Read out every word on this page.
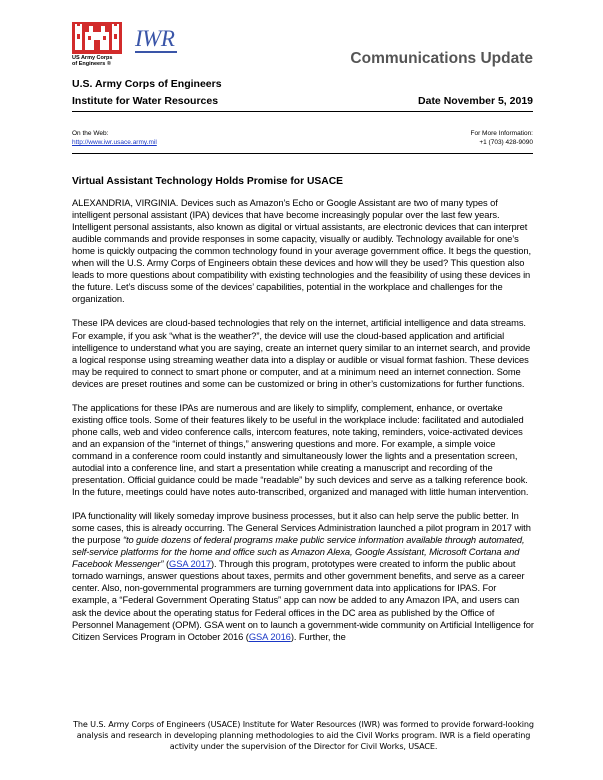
US Army Corps
of Engineers ®
IWR
Communications Update
U.S. Army Corps of Engineers
Institute for Water Resources	Date November 5, 2019
On the Web:
http://www.iwr.usace.army.mil
For More Information:
+1 (703) 428-9090
Virtual Assistant Technology Holds Promise for USACE

ALEXANDRIA, VIRGINIA. Devices such as Amazon’s Echo or Google Assistant are two of many types of intelligent personal assistant (IPA) devices that have become increasingly popular over the last few years. Intelligent personal assistants, also known as digital or virtual assistants, are electronic devices that can interpret audible commands and provide responses in some capacity, visually or audibly. Technology available for one’s home is quickly outpacing the common technology found in your average government office. It begs the question, when will the U.S. Army Corps of Engineers obtain these devices and how will they be used? This question also leads to more questions about compatibility with existing technologies and the feasibility of using these devices in the future. Let’s discuss some of the devices’ capabilities, potential in the workplace and challenges for the organization.

These IPA devices are cloud-based technologies that rely on the internet, artificial intelligence and data streams. For example, if you ask “what is the weather?”, the device will use the cloud-based application and artificial intelligence to understand what you are saying, create an internet query similar to an internet search, and provide a logical response using streaming weather data into a display or audible or visual format fashion. These devices may be required to connect to smart phone or computer, and at a minimum need an internet connection. Some devices are preset routines and some can be customized or bring in other’s customizations for further functions.

The applications for these IPAs are numerous and are likely to simplify, complement, enhance, or overtake existing office tools. Some of their features likely to be useful in the workplace include: facilitated and autodialed phone calls, web and video conference calls, intercom features, note taking, reminders, voice-activated devices and an expansion of the “internet of things,” answering questions and more. For example, a simple voice command in a conference room could instantly and simultaneously lower the lights and a presentation screen, autodial into a conference line, and start a presentation while creating a manuscript and recording of the presentation. Official guidance could be made “readable” by such devices and serve as a talking reference book. In the future, meetings could have notes auto-transcribed, organized and managed with little human intervention.

IPA functionality will likely someday improve business processes, but it also can help serve the public better. In some cases, this is already occurring. The General Services Administration launched a pilot program in 2017 with the purpose “to guide dozens of federal programs make public service information available through automated, self-service platforms for the home and office such as Amazon Alexa, Google Assistant, Microsoft Cortana and Facebook Messenger” (GSA 2017). Through this program, prototypes were created to inform the public about tornado warnings, answer questions about taxes, permits and other government benefits, and serve as a career center. Also, non-governmental programmers are turning government data into applications for IPAS. For example, a “Federal Government Operating Status” app can now be added to any Amazon IPA, and users can ask the device about the operating status for Federal offices in the DC area as published by the Office of Personnel Management (OPM). GSA went on to launch a government-wide community on Artificial Intelligence for Citizen Services Program in October 2016 (GSA 2016). Further, the

The U.S. Army Corps of Engineers (USACE) Institute for Water Resources (IWR) was formed to provide forward-looking analysis and research in developing planning methodologies to aid the Civil Works program. IWR is a field operating activity under the supervision of the Director for Civil Works, USACE.
